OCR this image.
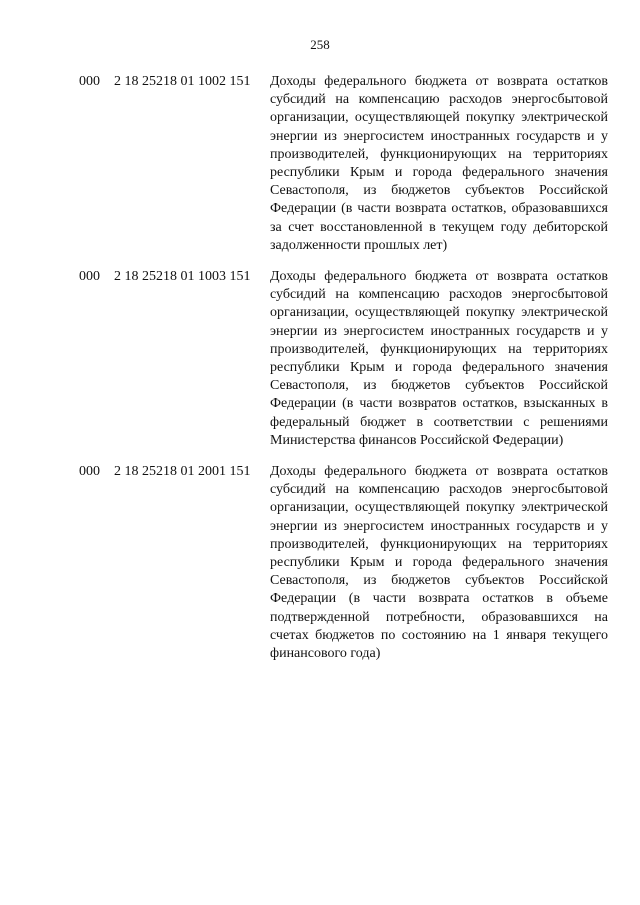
258
000 2 18 25218 01 1002 151 Доходы федерального бюджета от возврата остатков субсидий на компенсацию расходов энергосбытовой организации, осуществляющей покупку электрической энергии из энергосистем иностранных государств и у производителей, функционирующих на территориях республики Крым и города федерального значения Севастополя, из бюджетов субъектов Российской Федерации (в части возврата остатков, образовавшихся за счет восстановленной в текущем году дебиторской задолженности прошлых лет)
000 2 18 25218 01 1003 151 Доходы федерального бюджета от возврата остатков субсидий на компенсацию расходов энергосбытовой организации, осуществляющей покупку электрической энергии из энергосистем иностранных государств и у производителей, функционирующих на территориях республики Крым и города федерального значения Севастополя, из бюджетов субъектов Российской Федерации (в части возвратов остатков, взысканных в федеральный бюджет в соответствии с решениями Министерства финансов Российской Федерации)
000 2 18 25218 01 2001 151 Доходы федерального бюджета от возврата остатков субсидий на компенсацию расходов энергосбытовой организации, осуществляющей покупку электрической энергии из энергосистем иностранных государств и у производителей, функционирующих на территориях республики Крым и города федерального значения Севастополя, из бюджетов субъектов Российской Федерации (в части возврата остатков в объеме подтвержденной потребности, образовавшихся на счетах бюджетов по состоянию на 1 января текущего финансового года)
